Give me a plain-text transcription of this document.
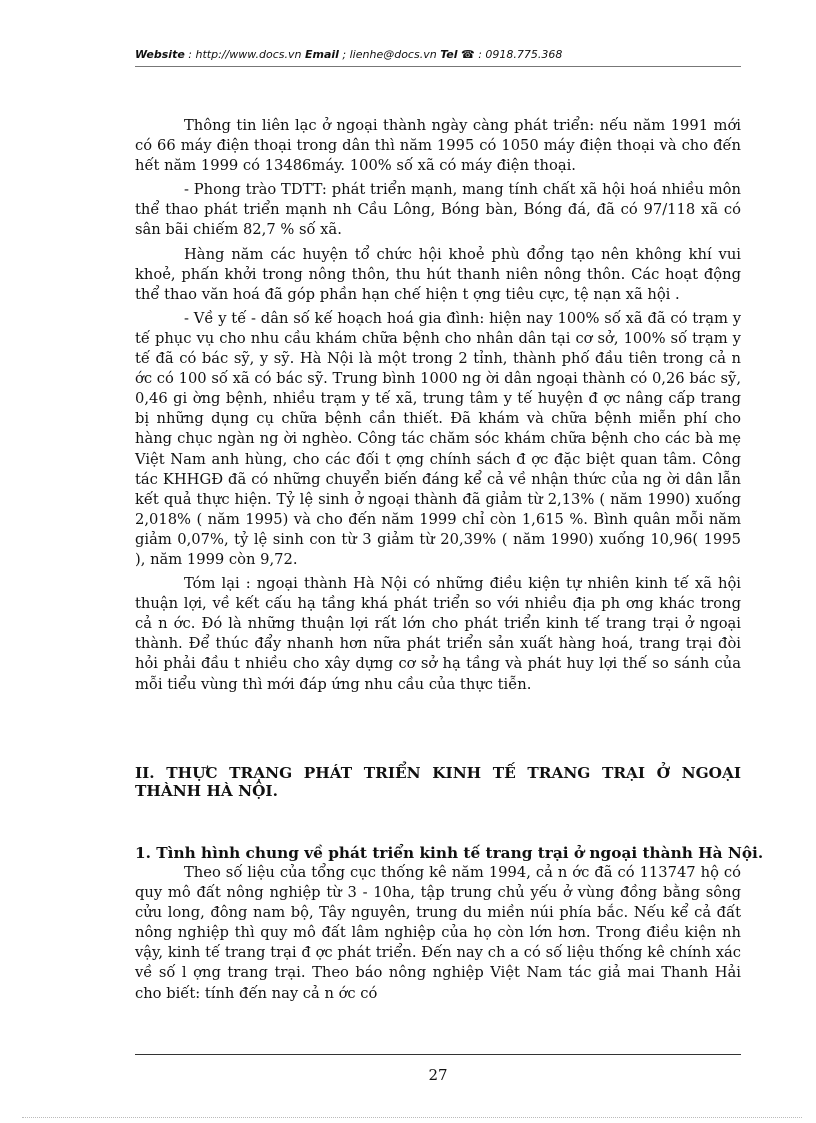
Website : http://www.docs.vn Email ; lienhe@docs.vn Tel ☎ : 0918.775.368

Thông tin liên lạc ở ngoại thành ngày càng phát triển: nếu năm 1991 mới có 66 máy điện thoại trong dân thì năm 1995 có 1050 máy điện thoại và cho đến hết năm 1999 có 13486máy. 100% số xã có máy điện thoại.

- Phong trào TDTT: phát triển mạnh, mang tính chất xã hội hoá nhiều môn thể thao phát triển mạnh nh Cầu Lông, Bóng bàn, Bóng đá, đã có 97/118 xã có sân bãi chiếm 82,7 % số xã.

Hàng năm các huyện tổ chức hội khoẻ phù đổng tạo nên không khí vui khoẻ, phấn khởi trong nông thôn, thu hút thanh niên nông thôn. Các hoạt động thể thao văn hoá đã góp phần hạn chế hiện t ợng tiêu cực, tệ nạn xã hội .

- Về y tế - dân số kế hoạch hoá gia đình: hiện nay 100% số xã đã có trạm y tế phục vụ cho nhu cầu khám chữa bệnh cho nhân dân tại cơ sở, 100% số trạm y tế đã có bác sỹ, y sỹ. Hà Nội là một trong 2 tỉnh, thành phố đầu tiên trong cả n ớc có 100 số xã có bác sỹ. Trung bình 1000 ng ời dân ngoại thành có 0,26 bác sỹ, 0,46 gi ờng bệnh, nhiều trạm y tế xã, trung tâm y tế huyện đ ợc nâng cấp trang bị những dụng cụ chữa bệnh cần thiết. Đã khám và chữa bệnh miễn phí cho hàng chục ngàn ng ời nghèo. Công tác chăm sóc khám chữa bệnh cho các bà mẹ Việt Nam anh hùng, cho các đối t ợng chính sách đ ợc đặc biệt quan tâm. Công tác KHHGĐ đã có những chuyển biến đáng kể cả về nhận thức của ng ời dân lẫn kết quả thực hiện. Tỷ lệ sinh ở ngoại thành đã giảm từ 2,13% ( năm 1990) xuống 2,018% ( năm 1995) và cho đến năm 1999 chỉ còn 1,615 %. Bình quân mỗi năm giảm 0,07%, tỷ lệ sinh con từ 3 giảm từ 20,39% ( năm 1990) xuống 10,96( 1995 ), năm 1999 còn 9,72.

Tóm lại : ngoại thành Hà Nội có những điều kiện tự nhiên kinh tế xã hội thuận lợi, về kết cấu hạ tầng khá phát triển so với nhiều địa ph ơng khác trong cả n ớc. Đó là những thuận lợi rất lớn cho phát triển kinh tế trang trại ở ngoại thành. Để thúc đẩy nhanh hơn nữa phát triển sản xuất hàng hoá, trang trại đòi hỏi phải đầu t nhiều cho xây dựng cơ sở hạ tầng và phát huy lợi thế so sánh của mỗi tiểu vùng thì mới đáp ứng nhu cầu của thực tiễn.

II. THỰC TRẠNG PHÁT TRIỂN KINH TẾ TRANG TRẠI Ở NGOẠI THÀNH HÀ NỘI.
1. Tình hình chung về phát triển kinh tế trang trại ở ngoại thành Hà Nội.

Theo số liệu của tổng cục thống kê năm 1994, cả n ớc đã có 113747 hộ có quy mô đất nông nghiệp từ 3 - 10ha, tập trung chủ yếu ở vùng đồng bằng sông cửu long, đông nam bộ, Tây nguyên, trung du miền núi phía bắc. Nếu kể cả đất nông nghiệp thì quy mô đất lâm nghiệp của họ còn lớn hơn. Trong điều kiện nh vậy, kinh tế trang trại đ ợc phát triển. Đến nay ch a có số liệu thống kê chính xác về số l ợng trang trại. Theo báo nông nghiệp Việt Nam tác giả mai Thanh Hải cho biết: tính đến nay cả n ớc có

27
